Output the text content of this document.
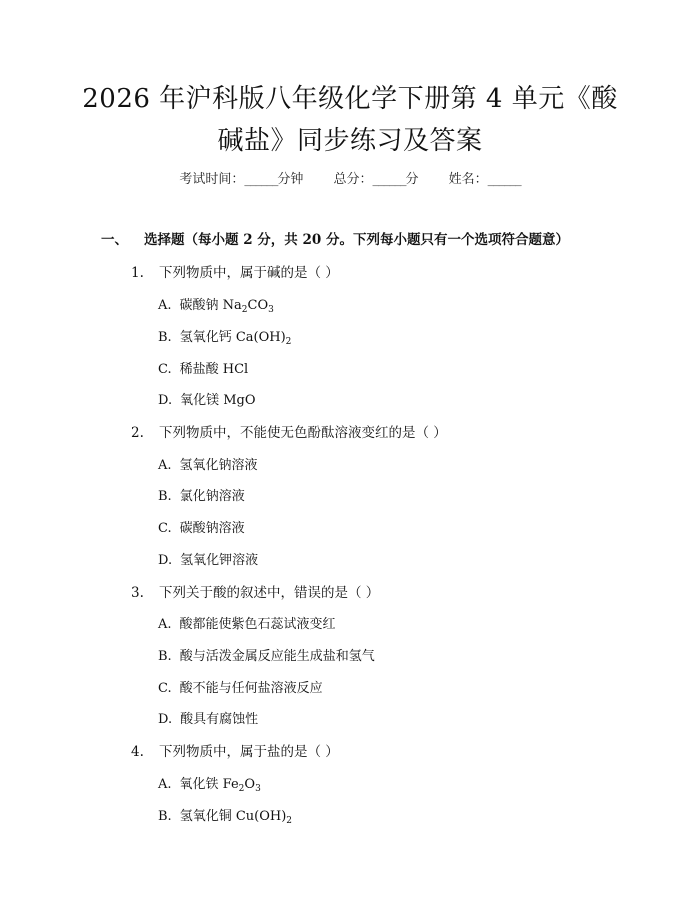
2026 年沪科版八年级化学下册第 4 单元《酸
碱盐》同步练习及答案
考试时间：______分钟 总分：______分 姓名：______
一、 选择题（每小题 2 分，共 20 分。下列每小题只有一个选项符合题意）
1. 下列物质中，属于碱的是（ ）
A. 碳酸钠 $Na_2CO_3$
B. 氢氧化钙 $Ca(OH)_2$
C. 稀盐酸 HCl
D. 氧化镁 MgO
2. 下列物质中，不能使无色酚酞溶液变红的是（ ）
A. 氢氧化钠溶液
B. 氯化钠溶液
C. 碳酸钠溶液
D. 氢氧化钾溶液
3. 下列关于酸的叙述中，错误的是（ ）
A. 酸都能使紫色石蕊试液变红
B. 酸与活泼金属反应能生成盐和氢气
C. 酸不能与任何盐溶液反应
D. 酸具有腐蚀性
4. 下列物质中，属于盐的是（ ）
A. 氧化铁 $Fe_2O_3$
B. 氢氧化铜 $Cu(OH)_2$
